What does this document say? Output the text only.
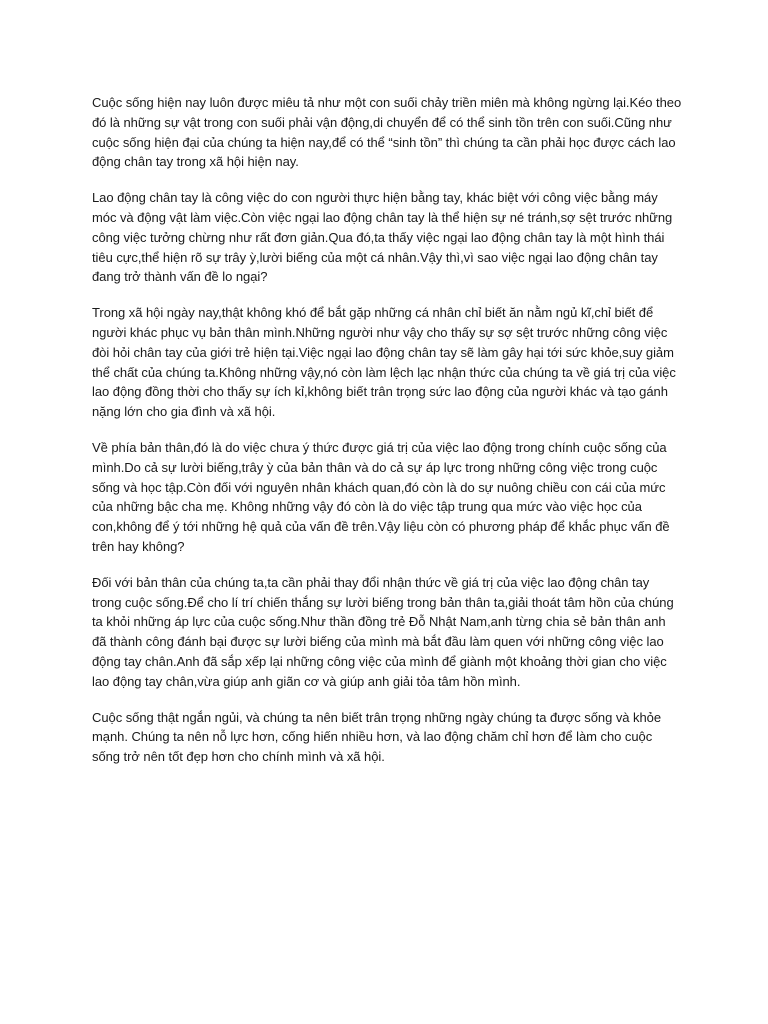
Cuộc sống hiện nay luôn được miêu tả như một con suối chảy triền miên mà không ngừng lại.Kéo theo đó là những sự vật trong con suối phải vận động,di chuyển để có thể sinh tồn trên con suối.Cũng như cuộc sống hiện đại của chúng ta hiện nay,để có thể “sinh tồn” thì chúng ta cần phải học được cách lao động chân tay trong xã hội hiện nay.

Lao động chân tay là công việc do con người thực hiện bằng tay, khác biệt với công việc bằng máy móc và động vật làm việc.Còn việc ngại lao động chân tay là thể hiện sự né tránh,sợ sệt trước những công việc tưởng chừng như rất đơn giản.Qua đó,ta thấy việc ngại lao động chân tay là một hình thái tiêu cực,thể hiện rõ sự trây ỳ,lười biếng của một cá nhân.Vậy thì,vì sao việc ngại lao động chân tay đang trở thành vấn đề lo ngại?

Trong xã hội ngày nay,thật không khó để bắt gặp những cá nhân chỉ biết ăn nằm ngủ kĩ,chỉ biết để người khác phục vụ bản thân mình.Những người như vậy cho thấy sự sợ sệt trước những công việc đòi hỏi chân tay của giới trẻ hiện tại.Việc ngại lao động chân tay sẽ làm gây hại tới sức khỏe,suy giảm thể chất của chúng ta.Không những vậy,nó còn làm lệch lạc nhận thức của chúng ta về giá trị của việc lao động đồng thời cho thấy sự ích kỉ,không biết trân trọng sức lao động của người khác và tạo gánh nặng lớn cho gia đình và xã hội.

Về phía bản thân,đó là do việc chưa ý thức được giá trị của việc lao động trong chính cuộc sống của mình.Do cả sự lười biếng,trây ỳ của bản thân và do cả sự áp lực trong những công việc trong cuộc sống và học tập.Còn đối với nguyên nhân khách quan,đó còn là do sự nuông chiều con cái của mức của những bậc cha mẹ. Không những vậy đó còn là do việc tập trung qua mức vào việc học của con,không để ý tới những hệ quả của vấn đề trên.Vậy liệu còn có phương pháp để khắc phục vấn đề trên hay không?

Đối với bản thân của chúng ta,ta cần phải thay đổi nhận thức về giá trị của việc lao động chân tay trong cuộc sống.Để cho lí trí chiến thắng sự lười biếng trong bản thân ta,giải thoát tâm hồn của chúng ta khỏi những áp lực của cuộc sống.Như thần đồng trẻ Đỗ Nhật Nam,anh từng chia sẻ bản thân anh đã thành công đánh bại được sự lười biếng của mình mà bắt đầu làm quen với những công việc lao động tay chân.Anh đã sắp xếp lại những công việc của mình để giành một khoảng thời gian cho việc lao động tay chân,vừa giúp anh giãn cơ và giúp anh giải tỏa tâm hồn mình.

Cuộc sống thật ngắn ngủi, và chúng ta nên biết trân trọng những ngày chúng ta được sống và khỏe mạnh. Chúng ta nên nỗ lực hơn, cống hiến nhiều hơn, và lao động chăm chỉ hơn để làm cho cuộc sống trở nên tốt đẹp hơn cho chính mình và xã hội.
